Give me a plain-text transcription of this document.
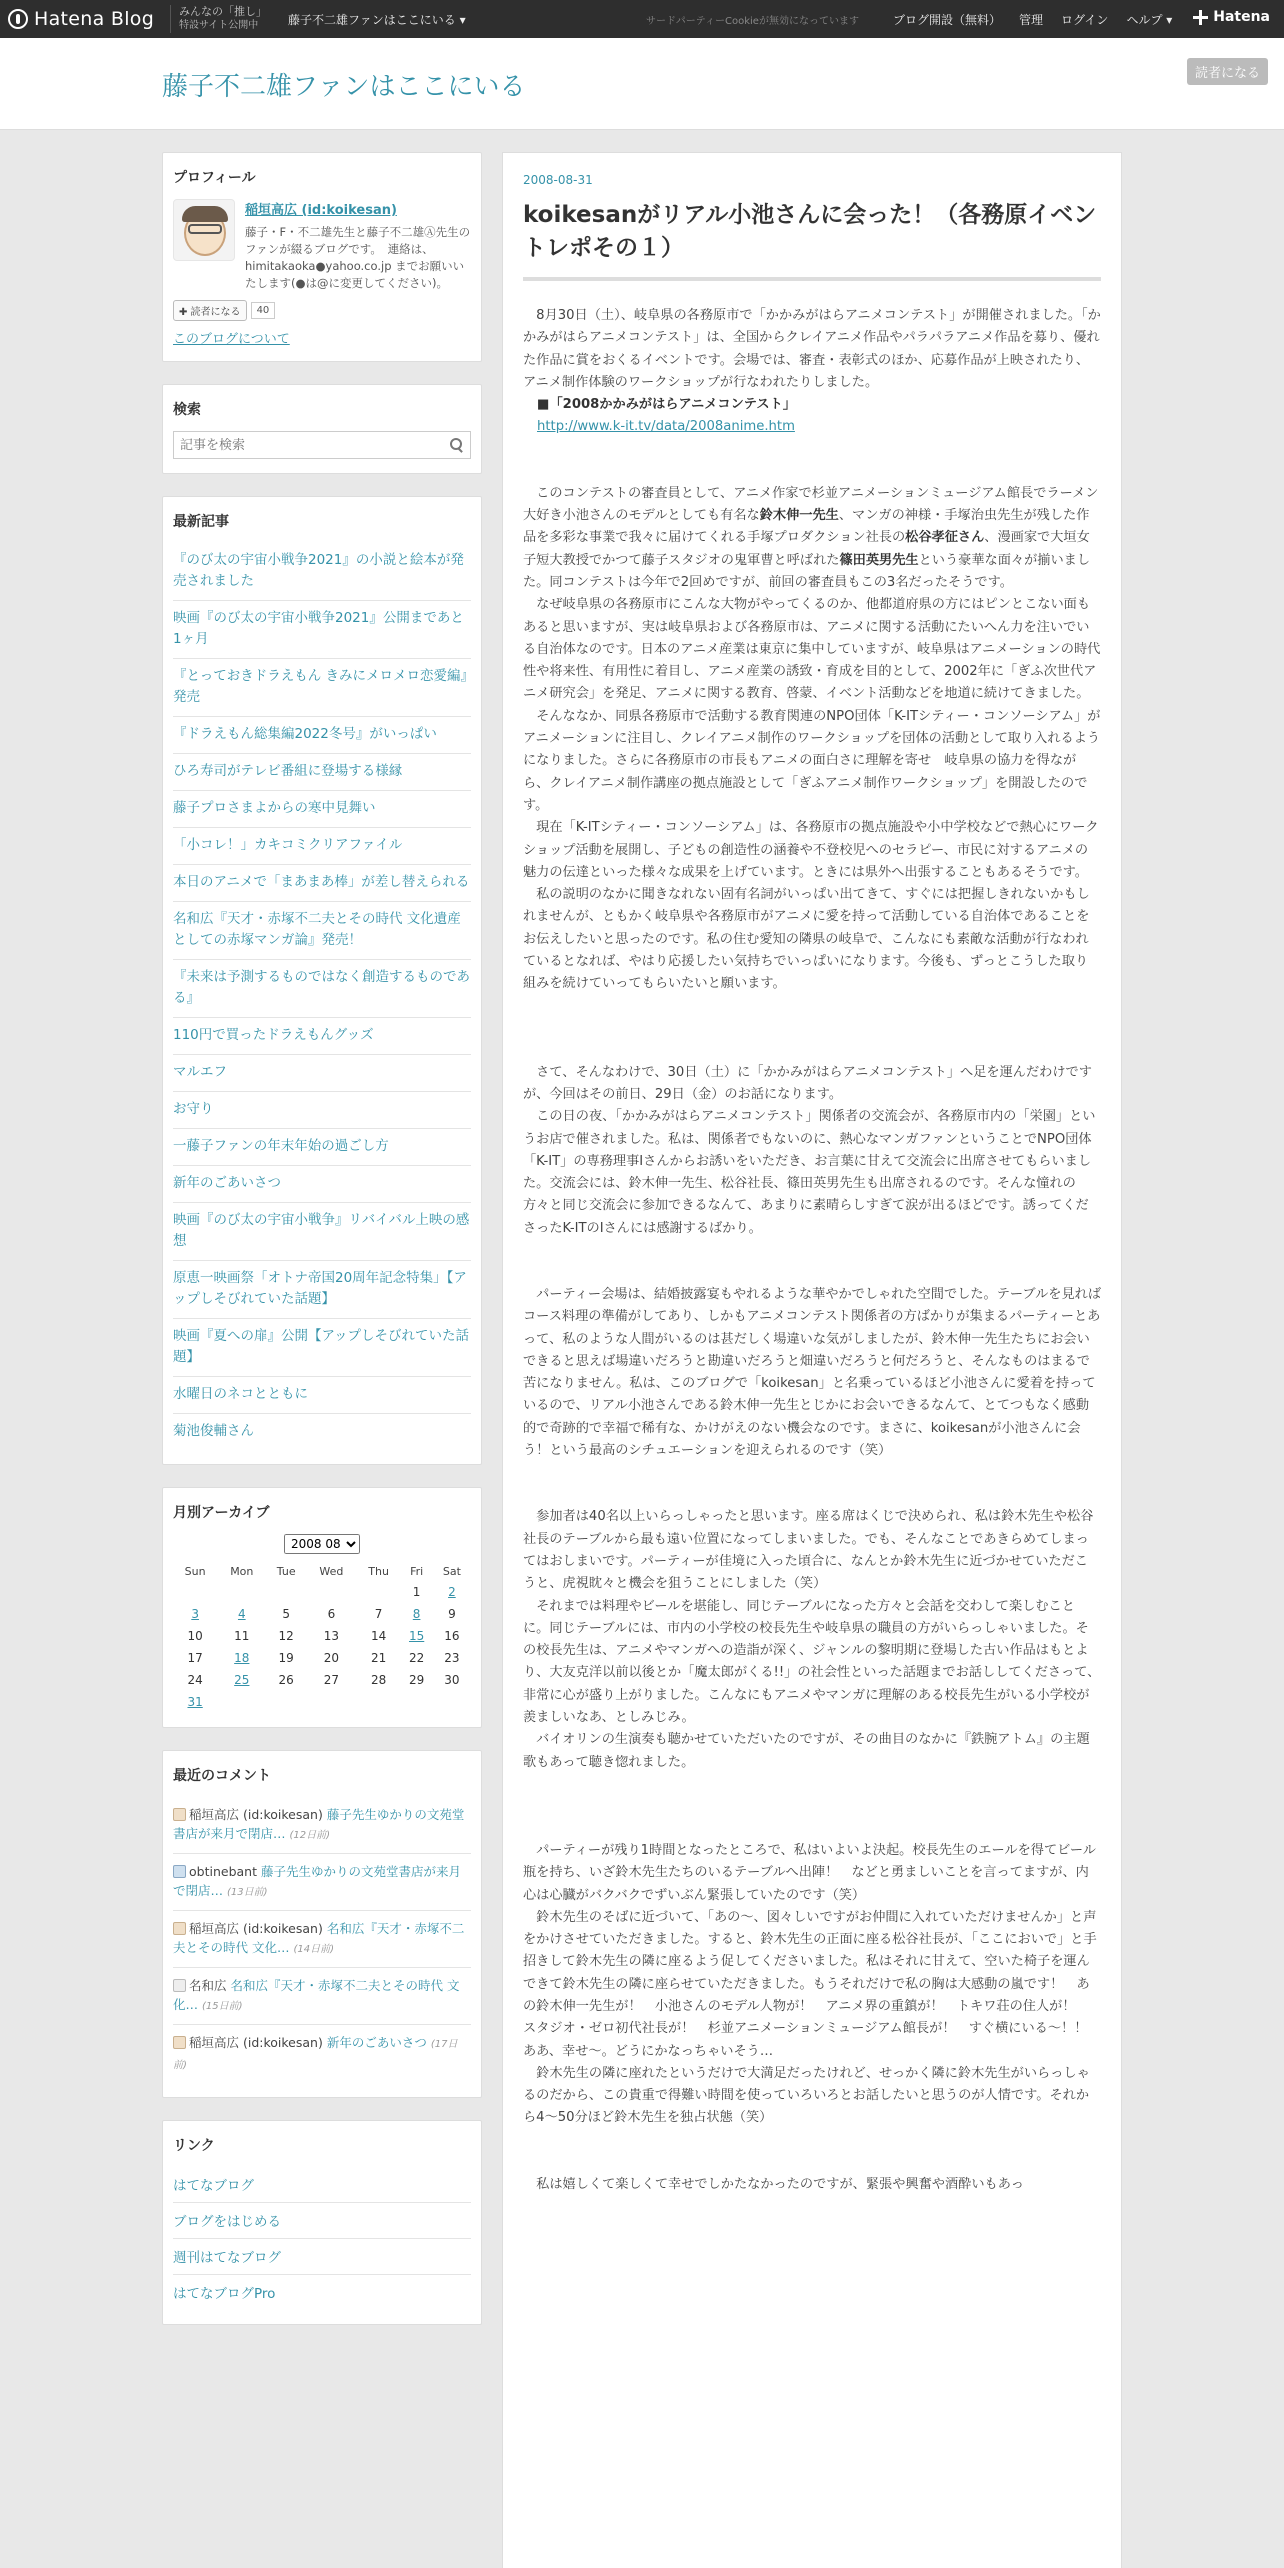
Hatena Blog	みんなの「推し」
特設サイト公開中	藤子不二雄ファンはここにいる ▾	サードパーティーCookieが無効になっています	ブログ開設（無料） 管理 ログイン ヘルプ ▾	Hatena
藤子不二雄ファンはここにいる	読者になる
プロフィール
稲垣高広 (id:koikesan)
藤子・F・不二雄先生と藤子不二雄Ⓐ先生のファンが綴るブログです。　連絡は、himitakaoka●yahoo.co.jp までお願いいたします(●は@に変更してください)。
✚ 読者になる	40
このブログについて
検索
記事を検索
最新記事
『のび太の宇宙小戦争2021』の小説と絵本が発売されました
映画『のび太の宇宙小戦争2021』公開まであと1ヶ月
『とっておきドラえもん きみにメロメロ恋愛編』発売
『ドラえもん総集編2022冬号』がいっぱい
ひろ寿司がテレビ番組に登場する様縁
藤子プロさまよからの寒中見舞い
「小コレ！」カキコミクリアファイル
本日のアニメで「まあまあ棒」が差し替えられる
名和広『天才・赤塚不二夫とその時代 文化遺産としての赤塚マンガ論』発売！
『未来は予測するものではなく創造するものである』
110円で買ったドラえもんグッズ
マルエフ
お守り
一藤子ファンの年末年始の過ごし方
新年のごあいさつ
映画『のび太の宇宙小戦争』リバイバル上映の感想
原恵一映画祭「オトナ帝国20周年記念特集」【アップしそびれていた話題】
映画『夏への扉』公開【アップしそびれていた話題】
水曜日のネコとともに
菊池俊輔さん
月別アーカイブ
2008 08
Sun	Mon	Tue	Wed	Thu	Fri	Sat
					1	2
3	4	5	6	7	8	9
10	11	12	13	14	15	16
17	18	19	20	21	22	23
24	25	26	27	28	29	30
31						
最近のコメント
稲垣高広 (id:koikesan) 藤子先生ゆかりの文苑堂書店が来月で閉店… (12日前)
obtinebant 藤子先生ゆかりの文苑堂書店が来月で閉店… (13日前)
稲垣高広 (id:koikesan) 名和広『天才・赤塚不二夫とその時代 文化… (14日前)
名和広 名和広『天才・赤塚不二夫とその時代 文化… (15日前)
稲垣高広 (id:koikesan) 新年のごあいさつ (17日前)
リンク
はてなブログ
ブログをはじめる
週刊はてなブログ
はてなブログPro
2008-08-31
koikesanがリアル小池さんに会った！（各務原イベントレポその１）

　8月30日（土）、岐阜県の各務原市で「かかみがはらアニメコンテスト」が開催されました。「かかみがはらアニメコンテスト」は、全国からクレイアニメ作品やパラパラアニメ作品を募り、優れた作品に賞をおくるイベントです。会場では、審査・表彰式のほか、応募作品が上映されたり、アニメ制作体験のワークショップが行なわれたりしました。

■「2008かかみがはらアニメコンテスト」

http://www.k-it.tv/data/2008anime.htm

　このコンテストの審査員として、アニメ作家で杉並アニメーションミュージアム館長でラーメン大好き小池さんのモデルとしても有名な鈴木伸一先生、マンガの神様・手塚治虫先生が残した作品を多彩な事業で我々に届けてくれる手塚プロダクション社長の松谷孝征さん、漫画家で大垣女子短大教授でかつて藤子スタジオの鬼軍曹と呼ばれた篠田英男先生という豪華な面々が揃いました。同コンテストは今年で2回めですが、前回の審査員もこの3名だったそうです。

　なぜ岐阜県の各務原市にこんな大物がやってくるのか、他都道府県の方にはピンとこない面もあると思いますが、実は岐阜県および各務原市は、アニメに関する活動にたいへん力を注いでいる自治体なのです。日本のアニメ産業は東京に集中していますが、岐阜県はアニメーションの時代性や将来性、有用性に着目し、アニメ産業の誘致・育成を目的として、2002年に「ぎふ次世代アニメ研究会」を発足、アニメに関する教育、啓蒙、イベント活動などを地道に続けてきました。

　そんななか、同県各務原市で活動する教育関連のNPO団体「K-ITシティー・コンソーシアム」がアニメーションに注目し、クレイアニメ制作のワークショップを団体の活動として取り入れるようになりました。さらに各務原市の市長もアニメの面白さに理解を寄せ　岐阜県の協力を得ながら、クレイアニメ制作講座の拠点施設として「ぎふアニメ制作ワークショップ」を開設したのです。

　現在「K-ITシティー・コンソーシアム」は、各務原市の拠点施設や小中学校などで熱心にワークショップ活動を展開し、子どもの創造性の涵養や不登校児へのセラピー、市民に対するアニメの魅力の伝達といった様々な成果を上げています。ときには県外へ出張することもあるそうです。

　私の説明のなかに聞きなれない固有名詞がいっぱい出てきて、すぐには把握しきれないかもしれませんが、ともかく岐阜県や各務原市がアニメに愛を持って活動している自治体であることをお伝えしたいと思ったのです。私の住む愛知の隣県の岐阜で、こんなにも素敵な活動が行なわれているとなれば、やはり応援したい気持ちでいっぱいになります。今後も、ずっとこうした取り組みを続けていってもらいたいと願います。

　さて、そんなわけで、30日（土）に「かかみがはらアニメコンテスト」へ足を運んだわけですが、今回はその前日、29日（金）のお話になります。

　この日の夜、「かかみがはらアニメコンテスト」関係者の交流会が、各務原市内の「栄園」というお店で催されました。私は、関係者でもないのに、熱心なマンガファンということでNPO団体「K-IT」の専務理事Iさんからお誘いをいただき、お言葉に甘えて交流会に出席させてもらいました。交流会には、鈴木伸一先生、松谷社長、篠田英男先生も出席されるのです。そんな憧れの方々と同じ交流会に参加できるなんて、あまりに素晴らしすぎて涙が出るほどです。誘ってくださったK-ITのIさんには感謝するばかり。

　パーティー会場は、結婚披露宴もやれるような華やかでしゃれた空間でした。テーブルを見ればコース料理の準備がしてあり、しかもアニメコンテスト関係者の方ばかりが集まるパーティーとあって、私のような人間がいるのは甚だしく場違いな気がしましたが、鈴木伸一先生たちにお会いできると思えば場違いだろうと勘違いだろうと畑違いだろうと何だろうと、そんなものはまるで苦になりません。私は、このブログで「koikesan」と名乗っているほど小池さんに愛着を持っているので、リアル小池さんである鈴木伸一先生とじかにお会いできるなんて、とてつもなく感動的で奇跡的で幸福で稀有な、かけがえのない機会なのです。まさに、koikesanが小池さんに会う！という最高のシチュエーションを迎えられるのです（笑）

　参加者は40名以上いらっしゃったと思います。座る席はくじで決められ、私は鈴木先生や松谷社長のテーブルから最も遠い位置になってしまいました。でも、そんなことであきらめてしまってはおしまいです。パーティーが佳境に入った頃合に、なんとか鈴木先生に近づかせていただこうと、虎視眈々と機会を狙うことにしました（笑）

　それまでは料理やビールを堪能し、同じテーブルになった方々と会話を交わして楽しむことに。同じテーブルには、市内の小学校の校長先生や岐阜県の職員の方がいらっしゃいました。その校長先生は、アニメやマンガへの造詣が深く、ジャンルの黎明期に登場した古い作品はもとより、大友克洋以前以後とか「魔太郎がくる!!」の社会性といった話題までお話ししてくださって、非常に心が盛り上がりました。こんなにもアニメやマンガに理解のある校長先生がいる小学校が羨ましいなあ、としみじみ。

　バイオリンの生演奏も聴かせていただいたのですが、その曲目のなかに『鉄腕アトム』の主題歌もあって聴き惚れました。

　パーティーが残り1時間となったところで、私はいよいよ決起。校長先生のエールを得てビール瓶を持ち、いざ鈴木先生たちのいるテーブルへ出陣！　などと勇ましいことを言ってますが、内心は心臓がバクバクでずいぶん緊張していたのです（笑）

　鈴木先生のそばに近づいて、「あの〜、図々しいですがお仲間に入れていただけませんか」と声をかけさせていただきました。すると、鈴木先生の正面に座る松谷社長が、「ここにおいで」と手招きして鈴木先生の隣に座るよう促してくださいました。私はそれに甘えて、空いた椅子を運んできて鈴木先生の隣に座らせていただきました。もうそれだけで私の胸は大感動の嵐です！　あの鈴木伸一先生が！　小池さんのモデル人物が！　アニメ界の重鎮が！　トキワ荘の住人が！　スタジオ・ゼロ初代社長が！　杉並アニメーションミュージアム館長が！　すぐ横にいる〜！！　ああ、幸せ〜。どうにかなっちゃいそう…

　鈴木先生の隣に座れたというだけで大満足だったけれど、せっかく隣に鈴木先生がいらっしゃるのだから、この貴重で得難い時間を使っていろいろとお話したいと思うのが人情です。それから4〜50分ほど鈴木先生を独占状態（笑）

　私は嬉しくて楽しくて幸せでしかたなかったのですが、緊張や興奮や酒酔いもあっ
